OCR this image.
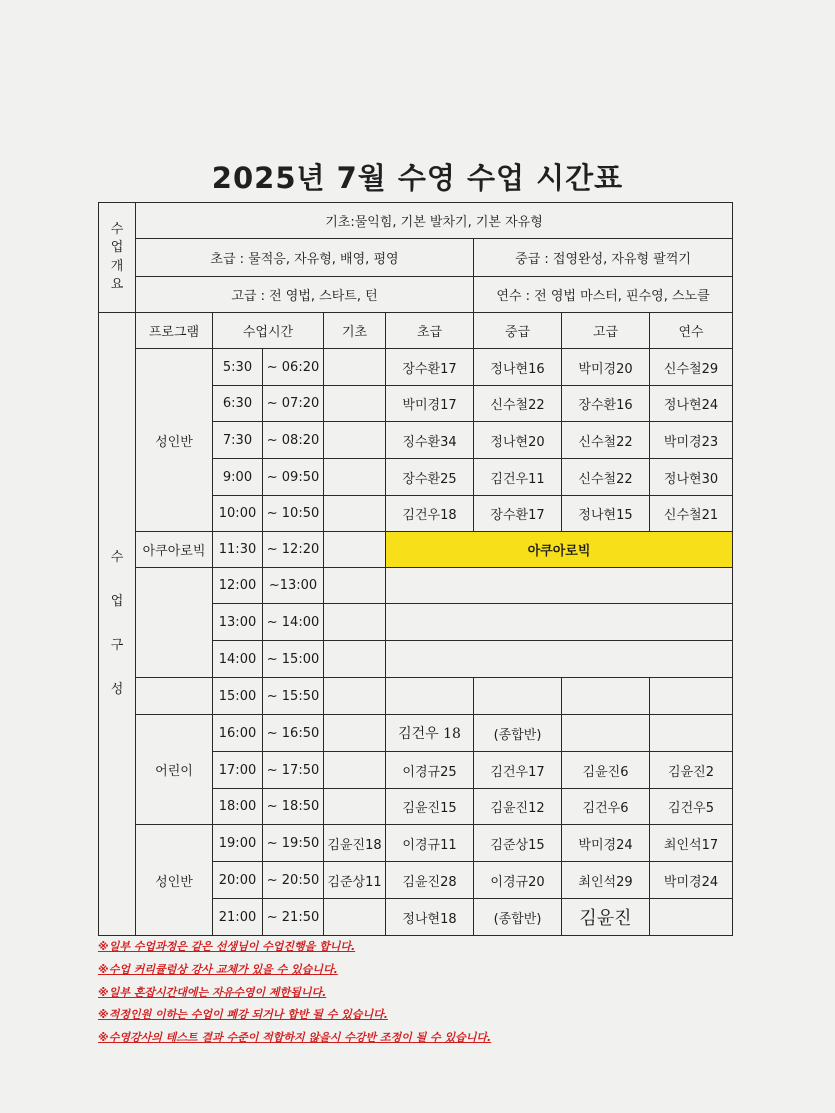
2025년 7월 수영 수업 시간표
수
업
개
요	기초:물익힘, 기본 발차기, 기본 자유형							
	초급 : 물적응, 자유형, 배영, 평영					중급 : 접영완성, 자유형 팔꺽기		
	고급 : 전 영법, 스타트, 턴					연수 : 전 영법 마스터, 핀수영, 스노클		

수
업
구
성	프로그램	수업시간		기초	초급	중급	고급	연수
	성인반	5:30	~ 06:20		장수환17	정나현16	박미경20	신수철29
		6:30	~ 07:20		박미경17	신수철22	장수환16	정나현24
		7:30	~ 08:20		징수환34	정나현20	신수철22	박미경23
		9:00	~ 09:50		장수환25	김건우11	신수철22	정나현30
		10:00	~ 10:50		김건우18	장수환17	정나현15	신수철21
	아쿠아로빅	11:30	~ 12:20		아쿠아로빅			
		12:00	~13:00					
		13:00	~ 14:00					
		14:00	~ 15:00					
		15:00	~ 15:50					
	어린이	16:00	~ 16:50		김건우 18	(종합반)		
		17:00	~ 17:50		이경규25	김건우17	김윤진6	김윤진2
		18:00	~ 18:50		김윤진15	김윤진12	김건우6	김건우5
	성인반	19:00	~ 19:50	김윤진18	이경규11	김준상15	박미경24	최인석17
		20:00	~ 20:50	김준상11	김윤진28	이경규20	최인석29	박미경24
		21:00	~ 21:50		정나현18	(종합반)	김윤진	
※일부 수업과정은 같은 선생님이 수업진행을 합니다.
※수업 커리큘럼상 강사 교체가 있을 수 있습니다.
※일부 혼잡시간대에는 자유수영이 제한됩니다.
※적정인원 이하는 수업이 폐강 되거나 합반 될 수 있습니다.
※수영강사의 테스트 결과 수준이 적합하지 않을시 수강반 조정이 될 수 있습니다.
